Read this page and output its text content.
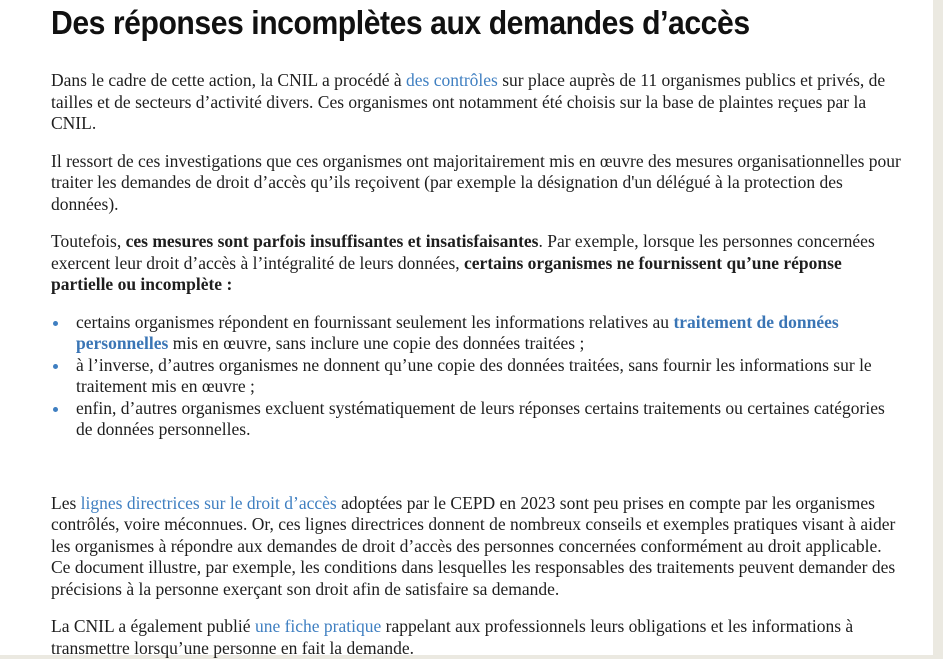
Des réponses incomplètes aux demandes d’accès

Dans le cadre de cette action, la CNIL a procédé à des contrôles sur place auprès de 11 organismes publics et privés, de tailles et de secteurs d’activité divers. Ces organismes ont notamment été choisis sur la base de plaintes reçues par la CNIL.

Il ressort de ces investigations que ces organismes ont majoritairement mis en œuvre des mesures organisationnelles pour traiter les demandes de droit d’accès qu’ils reçoivent (par exemple la désignation d'un délégué à la protection des données).

Toutefois, ces mesures sont parfois insuffisantes et insatisfaisantes. Par exemple, lorsque les personnes concernées exercent leur droit d’accès à l’intégralité de leurs données, certains organismes ne fournissent qu’une réponse partielle ou incomplète :

certains organismes répondent en fournissant seulement les informations relatives au traitement de données personnelles mis en œuvre, sans inclure une copie des données traitées ;
à l’inverse, d’autres organismes ne donnent qu’une copie des données traitées, sans fournir les informations sur le traitement mis en œuvre ;
enfin, d’autres organismes excluent systématiquement de leurs réponses certains traitements ou certaines catégories de données personnelles.

Les lignes directrices sur le droit d’accès adoptées par le CEPD en 2023 sont peu prises en compte par les organismes contrôlés, voire méconnues. Or, ces lignes directrices donnent de nombreux conseils et exemples pratiques visant à aider les organismes à répondre aux demandes de droit d’accès des personnes concernées conformément au droit applicable. Ce document illustre, par exemple, les conditions dans lesquelles les responsables des traitements peuvent demander des précisions à la personne exerçant son droit afin de satisfaire sa demande.

La CNIL a également publié une fiche pratique rappelant aux professionnels leurs obligations et les informations à transmettre lorsqu’une personne en fait la demande.
